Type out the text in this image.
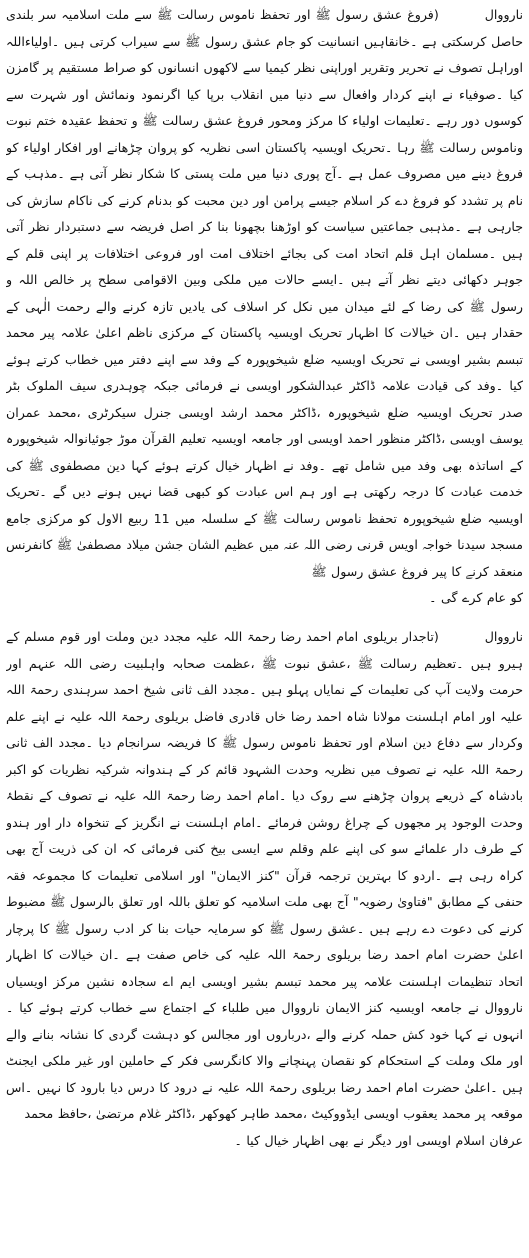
نارووال(فروغ عشق رسول ﷺ اور تحفظ ناموس رسالت ﷺ سے ملت اسلامیہ سر بلندی حاصل کرسکتی ہے ۔خانقاہیں انسانیت کو جام عشق رسول ﷺ سے سیراب کرتی ہیں ۔اولیاءاللہ اوراہل تصوف نے تحریر وتقریر اوراپنی نظر کیمیا سے لاکھوں انسانوں کو صراط مستقیم پر گامزن کیا ۔صوفیاء نے اپنے کردار وافعال سے دنیا میں انقلاب برپا کیا اگرنمود ونمائش اور شہرت سے کوسوں دور رہے ۔تعلیمات اولیاء کا مرکز ومحور فروغ عشق رسالت ﷺ و تحفظ عقیدہ ختم نبوت وناموس رسالت ﷺ رہا ۔تحریک اویسیہ پاکستان اسی نظریہ کو پروان چڑھانے اور افکار اولیاء کو فروغ دینے میں مصروف عمل ہے ۔آج پوری دنیا میں ملت پستی کا شکار نظر آتی ہے ۔مذہب کے نام پر تشدد کو فروغ دے کر اسلام جیسے پرامن اور دین محبت کو بدنام کرنے کی ناکام سازش کی جارہی ہے ۔مذہبی جماعتیں سیاست کو اوڑھنا بچھونا بنا کر اصل فریضہ سے دستبردار نظر آتی ہیں ۔مسلمان اہل قلم اتحاد امت کی بجائے اختلاف امت اور فروعی اختلافات پر اپنی قلم کے جوہر دکھائی دیتے نظر آتے ہیں ۔ایسے حالات میں ملکی وبین الاقوامی سطح پر خالص اللہ و رسول ﷺ کی رضا کے لئے میدان میں نکل کر اسلاف کی یادیں تازہ کرنے والے رحمت الٰہی کے حقدار ہیں ۔ان خیالات کا اظہار تحریک اویسیہ پاکستان کے مرکزی ناظم اعلیٰ علامہ پیر محمد تبسم بشیر اویسی نے تحریک اویسیہ ضلع شیخوپورہ کے وفد سے اپنے دفتر میں خطاب کرتے ہوئے کیا ۔وفد کی قیادت علامہ ڈاکٹر عبدالشکور اویسی نے فرمائی جبکہ چوہدری سیف الملوک بٹر صدر تحریک اویسیہ ضلع شیخوپورہ ،ڈاکٹر محمد ارشد اویسی جنرل سیکرٹری ،محمد عمران یوسف اویسی ،ڈاکٹر منظور احمد اویسی اور جامعہ اویسیہ تعلیم القرآن موڑ جوئیانوالہ شیخوپورہ کے اساتذہ بھی وفد میں شامل تھے ۔وفد نے اظہار خیال کرتے ہوئے کہا دین مصطفوی ﷺ کی خدمت عبادت کا درجہ رکھتی ہے اور ہم اس عبادت کو کبھی قضا نہیں ہونے دیں گے ۔تحریک اویسیہ ضلع شیخوپورہ تحفظ ناموس رسالت ﷺ کے سلسلہ میں 11 ربیع الاول کو مرکزی جامع مسجد سیدنا خواجہ اویس قرنی رضی اللہ عنہ میں عظیم الشان جشن میلاد مصطفیٰ ﷺ کانفرنس منعقد کرنے کا پیر فروغ عشق رسول ﷺ
کو عام کرے گی ۔

نارووال(تاجدار بریلوی امام احمد رضا رحمۃ اللہ علیہ مجدد دین وملت اور قوم مسلم کے ہیرو ہیں ۔تعظیم رسالت ﷺ ،عشق نبوت ﷺ ،عظمت صحابہ واہلبیت رضی اللہ عنہم اور حرمت ولایت آپ کی تعلیمات کے نمایاں پہلو ہیں ۔مجدد الف ثانی شیخ احمد سرہندی رحمۃ اللہ علیہ اور امام اہلسنت مولانا شاہ احمد رضا خاں قادری فاضل بریلوی رحمۃ اللہ علیہ نے اپنے علم وکردار سے دفاع دین اسلام اور تحفظ ناموس رسول ﷺ کا فریضہ سرانجام دیا ۔مجدد الف ثانی رحمۃ اللہ علیہ نے تصوف میں نظریہ وحدت الشہود قائم کر کے ہندوانہ شرکیہ نظریات کو اکبر بادشاہ کے ذریعے پروان چڑھنے سے روک دیا ۔امام احمد رضا رحمۃ اللہ علیہ نے تصوف کے نقطۂ وحدت الوجود پر مجھوں کے چراغ روشن فرمائے ۔امام اہلسنت نے انگریز کے تنخواہ دار اور ہندو کے طرف دار علمائے سو کی اپنے علم وقلم سے ایسی بیخ کنی فرمائی کہ ان کی ذریت آج بھی کراہ رہی ہے ۔اردو کا بہترین ترجمہ قرآن "کنز الایمان" اور اسلامی تعلیمات کا مجموعہ فقہ حنفی کے مطابق "فتاویٰ رضویہ" آج بھی ملت اسلامیہ کو تعلق باللہ اور تعلق بالرسول ﷺ مضبوط کرنے کی دعوت دے رہے ہیں ۔عشق رسول ﷺ کو سرمایہ حیات بنا کر ادب رسول ﷺ کا پرچار اعلیٰ حضرت امام احمد رضا بریلوی رحمۃ اللہ علیہ کی خاص صفت ہے ۔ان خیالات کا اظہار اتحاد تنظیمات اہلسنت علامہ پیر محمد تبسم بشیر اویسی ایم اے سجادہ نشین مرکز اویسیاں نارووال نے جامعہ اویسیہ کنز الایمان نارووال میں طلباء کے اجتماع سے خطاب کرتے ہوئے کیا ۔انہوں نے کہا خود کش حملہ کرنے والے ،درباروں اور مجالس کو دہشت گردی کا نشانہ بنانے والے اور ملک وملت کے استحکام کو نقصان پہنچانے والا کانگرسی فکر کے حاملین اور غیر ملکی ایجنٹ ہیں ۔اعلیٰ حضرت امام احمد رضا بریلوی رحمۃ اللہ علیہ نے درود کا درس دیا بارود کا نہیں ۔اس موقعہ پر محمد یعقوب اویسی ایڈووکیٹ ،محمد طاہر کھوکھر ،ڈاکٹر غلام مرتضیٰ ،حافظ محمد
عرفان اسلام اویسی اور دیگر نے بھی اظہار خیال کیا ۔
